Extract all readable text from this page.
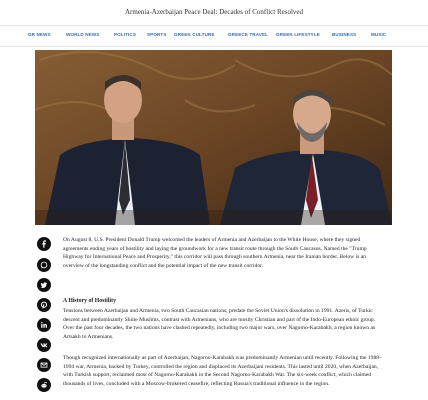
Armenia-Azerbaijan Peace Deal: Decades of Conflict Resolved
GR NEWS	WORLD NEWS	POLITICS SPORTS GREEK CULTURE	GREECE TRAVEL GREEK LIFESTYLE	BUSINESS	MUSIC
On August 8, U.S. President Donald Trump welcomed the leaders of Armenia and Azerbaijan to the White House, where they signed agreements ending years of hostility and laying the groundwork for a new transit route through the South Caucasus. Named the "Trump Highway for International Peace and Prosperity," this corridor will pass through southern Armenia, near the Iranian border. Below is an overview of the longstanding conflict and the potential impact of the new transit corridor.
A History of Hostility
Tensions between Azerbaijan and Armenia, two South Caucasian nations, predate the Soviet Union's dissolution in 1991. Azeris, of Turkic descent and predominantly Shiite Muslims, contrast with Armenians, who are mostly Christian and part of the Indo-European ethnic group. Over the past four decades, the two nations have clashed repeatedly, including two major wars, over Nagorno-Karabakh, a region known as Artsakh to Armenians.
Though recognized internationally as part of Azerbaijan, Nagorno-Karabakh was predominantly Armenian until recently. Following the 1988–1994 war, Armenia, backed by Turkey, controlled the region and displaced its Azerbaijani residents. This lasted until 2020, when Azerbaijan, with Turkish support, reclaimed most of Nagorno-Karabakh in the Second Nagorno-Karabakh War. The six-week conflict, which claimed thousands of lives, concluded with a Moscow-brokered ceasefire, reflecting Russia's traditional influence in the region.
